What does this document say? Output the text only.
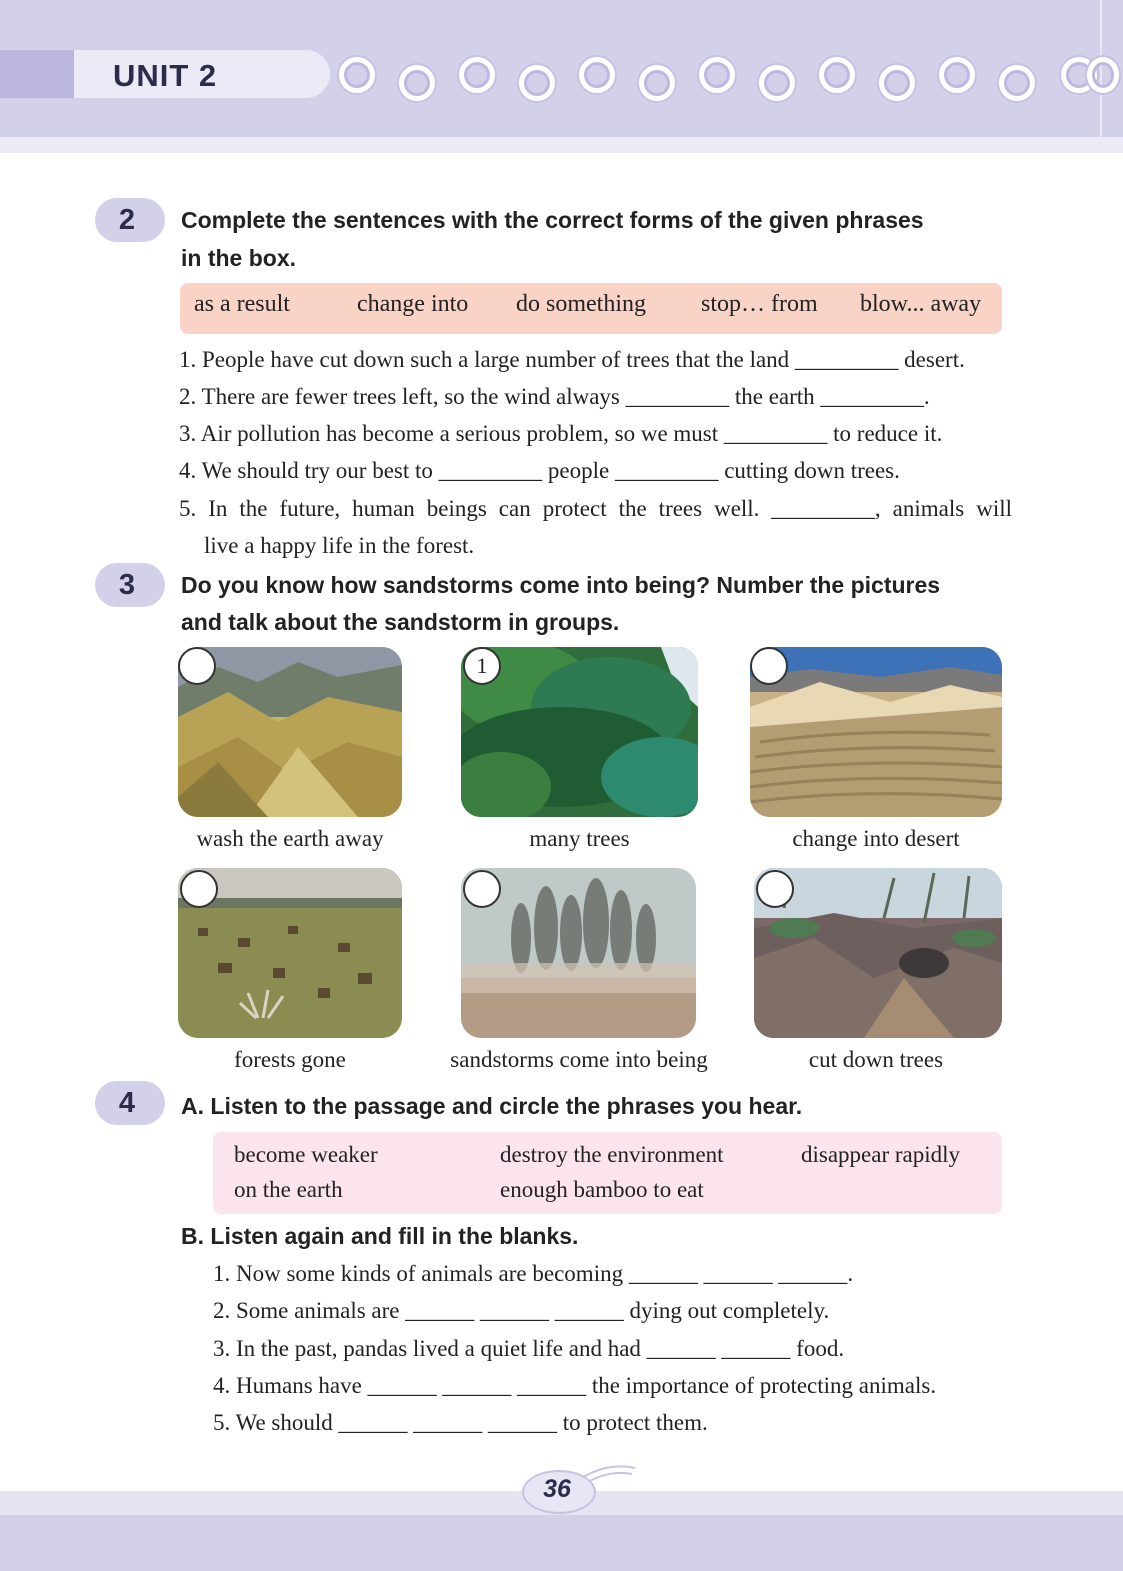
UNIT 2
2	Complete the sentences with the correct forms of the given phrases
in the box.
as a result	change into do something stop… from blow... away
1. People have cut down such a large number of trees that the land _________ desert.
2. There are fewer trees left, so the wind always _________ the earth _________.
3. Air pollution has become a serious problem, so we must _________ to reduce it.
4. We should try our best to _________ people _________ cutting down trees.
5. In the future, human beings can protect the trees well. _________, animals will
live a happy life in the forest.
3	Do you know how sandstorms come into being? Number the pictures
and talk about the sandstorm in groups.
wash the earth away
1
many trees	change into desert
forests gone	sandstorms come into being	cut down trees
4	A. Listen to the passage and circle the phrases you hear.
become weaker	destroy the environment	disappear rapidly
on the earth	enough bamboo to eat
B. Listen again and fill in the blanks.
1. Now some kinds of animals are becoming ______ ______ ______.
2. Some animals are ______ ______ ______ dying out completely.
3. In the past, pandas lived a quiet life and had ______ ______ food.
4. Humans have ______ ______ ______ the importance of protecting animals.
5. We should ______ ______ ______ to protect them.
36
